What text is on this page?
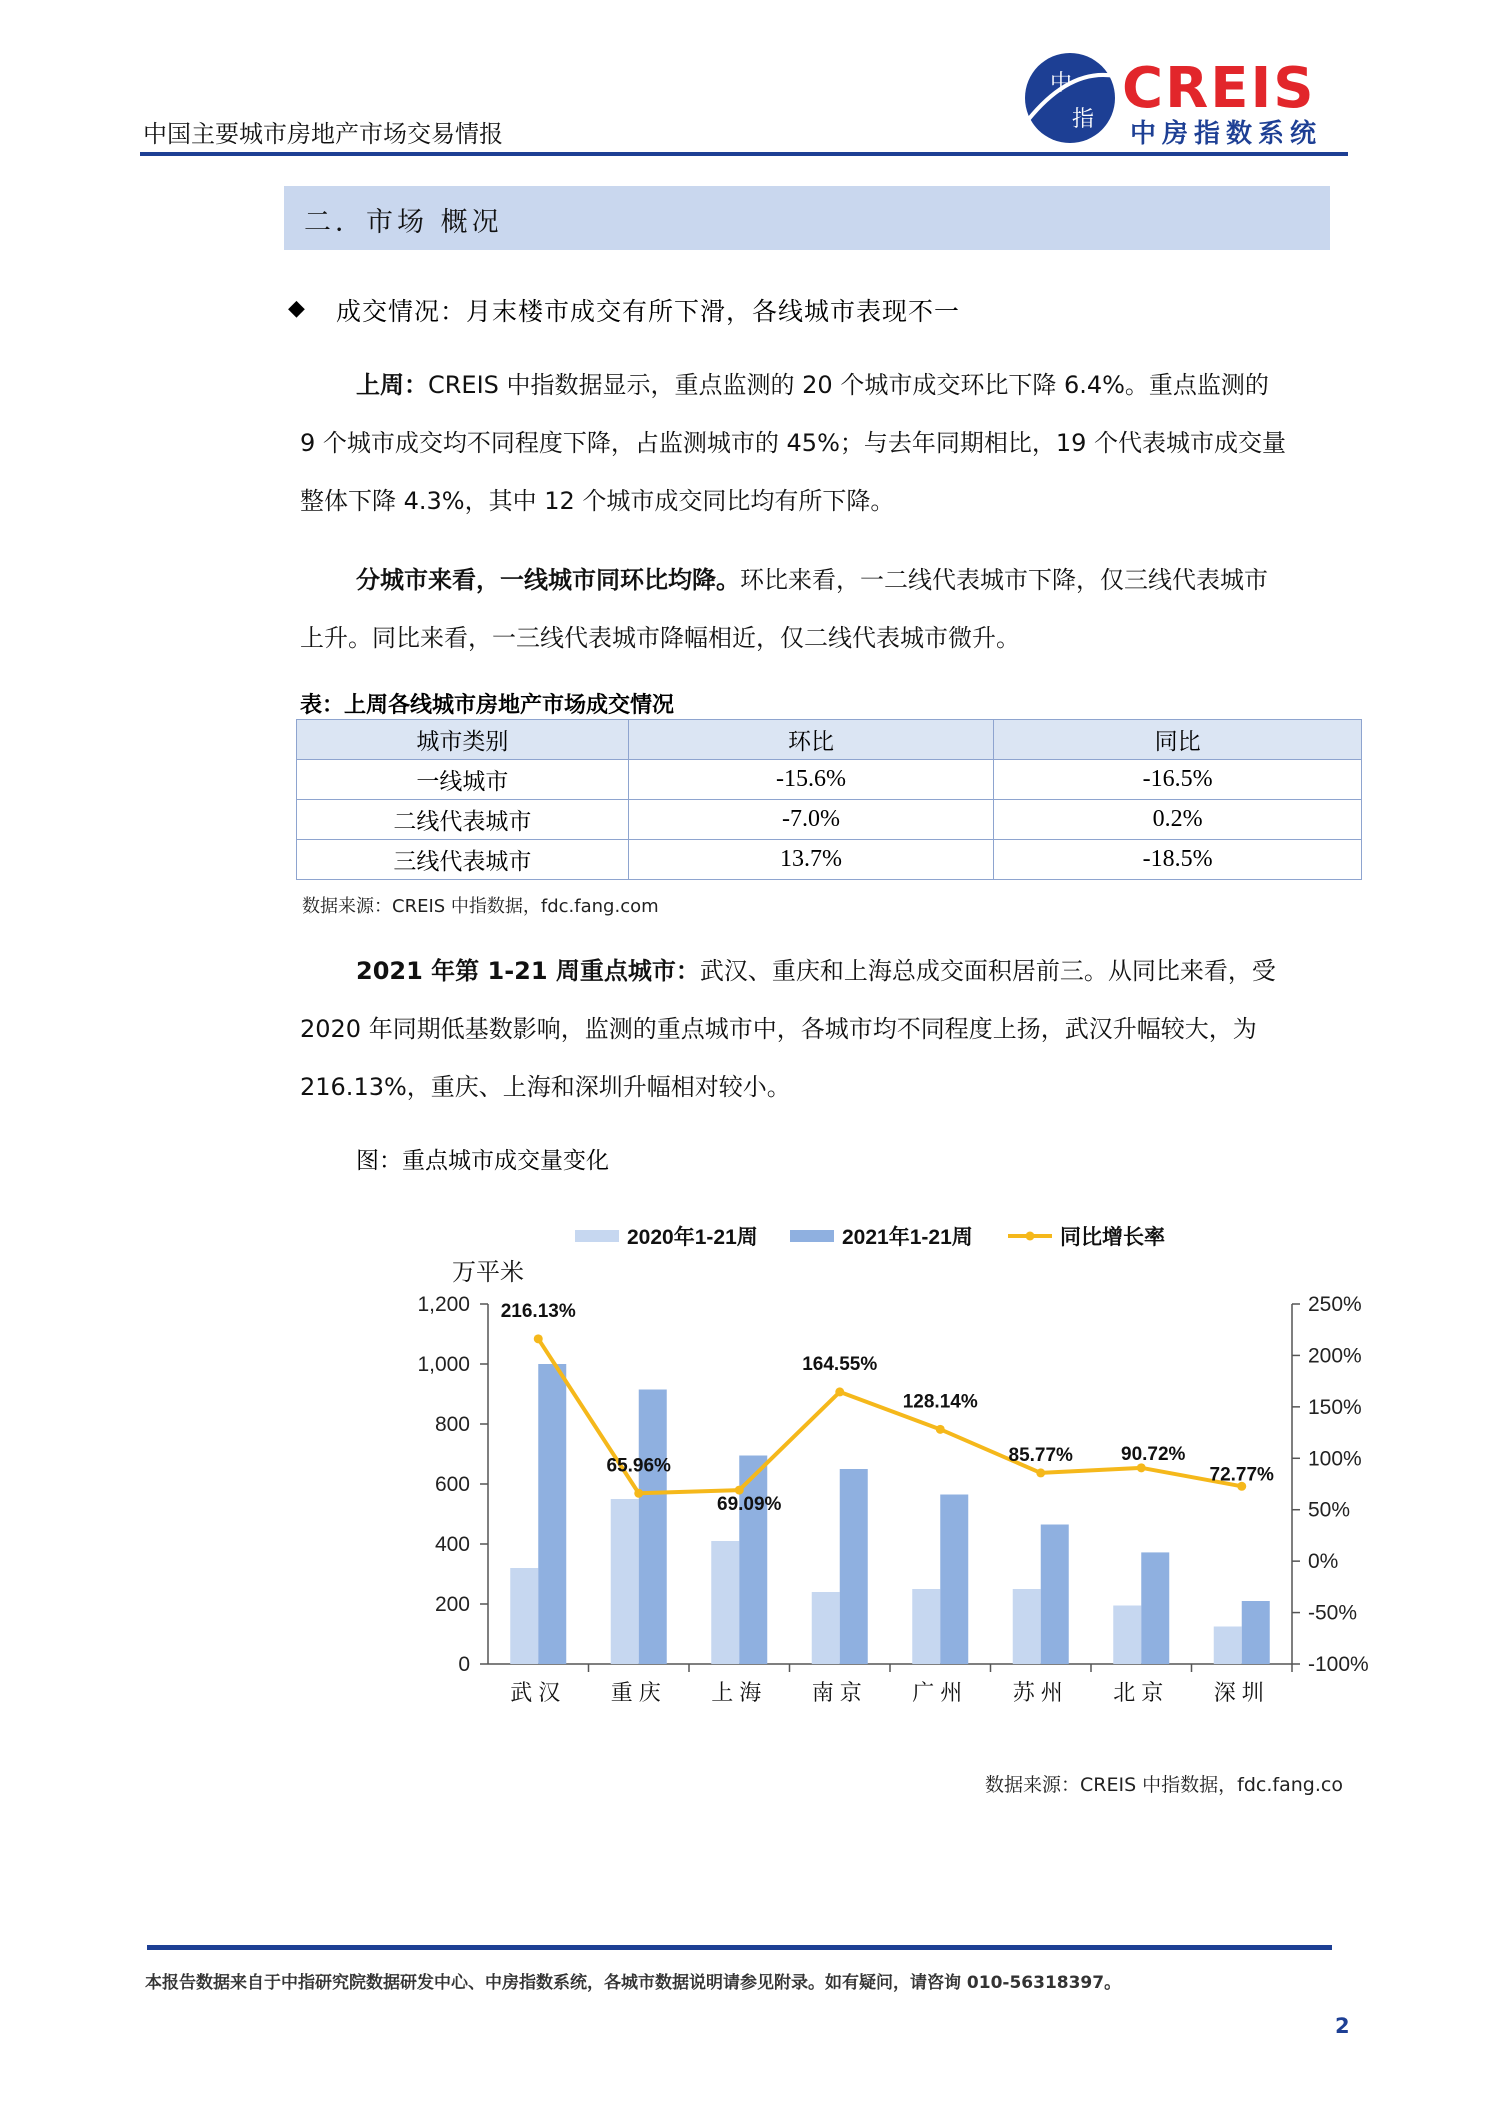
中国主要城市房地产市场交易情报
中
指 CREIS
中房指数系统
二．市场 概况
◆ 成交情况：月末楼市成交有所下滑，各线城市表现不一
上周：CREIS 中指数据显示，重点监测的 20 个城市成交环比下降 6.4%。重点监测的
9 个城市成交均不同程度下降，占监测城市的 45%；与去年同期相比，19 个代表城市成交量
整体下降 4.3%，其中 12 个城市成交同比均有所下降。
分城市来看，一线城市同环比均降。环比来看，一二线代表城市下降，仅三线代表城市
上升。同比来看，一三线代表城市降幅相近，仅二线代表城市微升。
表：上周各线城市房地产市场成交情况
城市类别	环比	同比
一线城市	-15.6%	-16.5%
二线代表城市	-7.0%	0.2%
三线代表城市	13.7%	-18.5%
数据来源：CREIS 中指数据，fdc.fang.com
2021 年第 1-21 周重点城市：武汉、重庆和上海总成交面积居前三。从同比来看，受
2020 年同期低基数影响，监测的重点城市中，各城市均不同程度上扬，武汉升幅较大，为
216.13%，重庆、上海和深圳升幅相对较小。
图：重点城市成交量变化
0
200
400
600
800
1,000
1,200
-100%
-50%
0%
50%
100%
150%
200%
250%
万平米
武汉 重庆 上海 南京 广州 苏州 北京 深圳
216.13%
65.96%
69.09%
164.55%
128.14%
85.77%	90.72%
72.77%
2020年1-21周	2021年1-21周	同比增长率
数据来源：CREIS 中指数据，fdc.fang.co
本报告数据来自于中指研究院数据研发中心、中房指数系统，各城市数据说明请参见附录。如有疑问，请咨询 010-56318397。
2
